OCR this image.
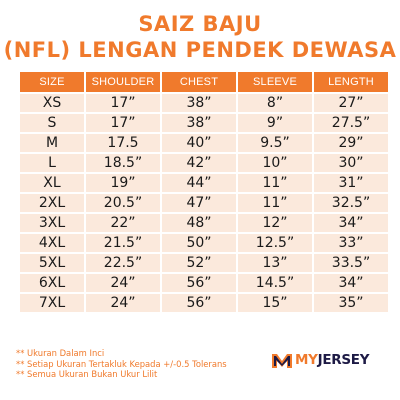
SAIZ BAJU
(NFL) LENGAN PENDEK DEWASA
SIZE	SHOULDER	CHEST	SLEEVE	LENGTH
XS	17”	38”	8”	27”
S	17”	38”	9”	27.5”
M	17.5	40”	9.5”	29”
L	18.5”	42”	10”	30”
XL	19”	44”	11”	31”
2XL	20.5”	47”	11”	32.5”
3XL	22”	48”	12”	34”
4XL	21.5”	50”	12.5”	33”
5XL	22.5”	52”	13”	33.5”
6XL	24”	56”	14.5”	34”
7XL	24”	56”	15”	35”
** Ukuran Dalam Inci
** Setiap Ukuran Tertakluk Kepada +/-0.5 Tolerans
** Semua Ukuran Bukan Ukur Lilit
MYJERSEY
